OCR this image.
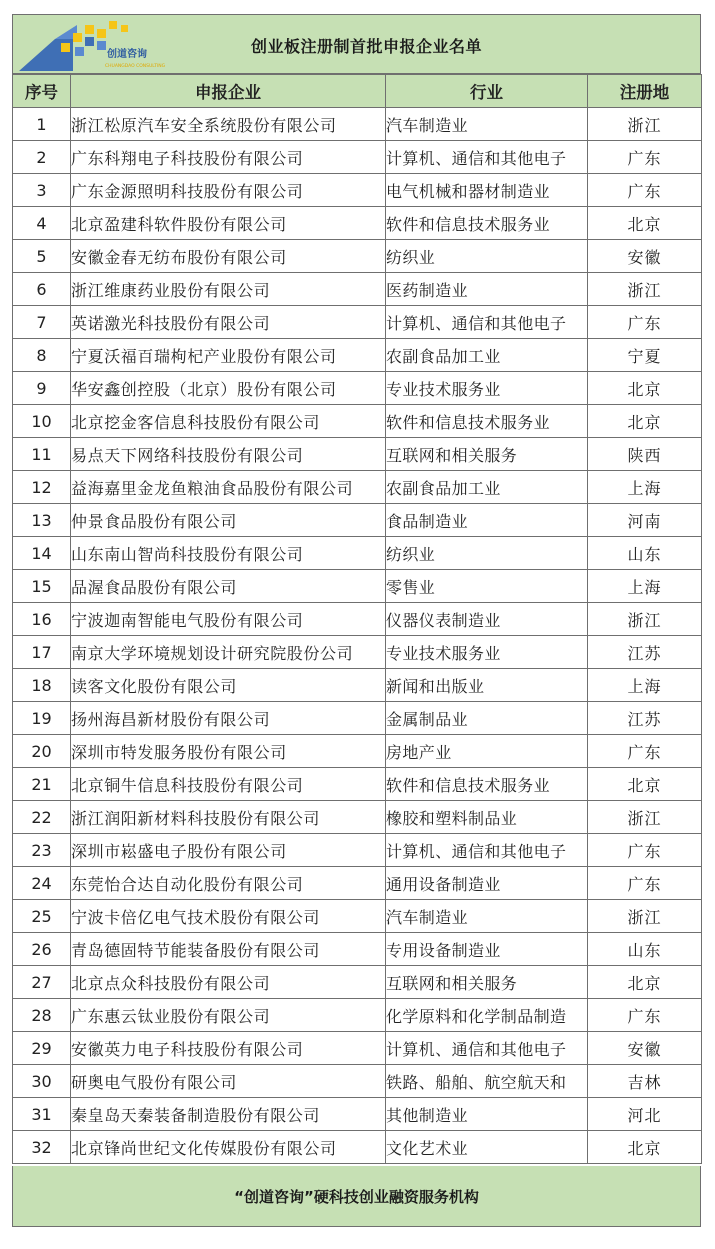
创道咨询
CHUANGDAO CONSULTING
创业板注册制首批申报企业名单
序号	申报企业	行业	注册地
1	浙江松原汽车安全系统股份有限公司	汽车制造业	浙江
2	广东科翔电子科技股份有限公司	计算机、通信和其他电子	广东
3	广东金源照明科技股份有限公司	电气机械和器材制造业	广东
4	北京盈建科软件股份有限公司	软件和信息技术服务业	北京
5	安徽金春无纺布股份有限公司	纺织业	安徽
6	浙江维康药业股份有限公司	医药制造业	浙江
7	英诺激光科技股份有限公司	计算机、通信和其他电子	广东
8	宁夏沃福百瑞枸杞产业股份有限公司	农副食品加工业	宁夏
9	华安鑫创控股（北京）股份有限公司	专业技术服务业	北京
10	北京挖金客信息科技股份有限公司	软件和信息技术服务业	北京
11	易点天下网络科技股份有限公司	互联网和相关服务	陕西
12	益海嘉里金龙鱼粮油食品股份有限公司	农副食品加工业	上海
13	仲景食品股份有限公司	食品制造业	河南
14	山东南山智尚科技股份有限公司	纺织业	山东
15	品渥食品股份有限公司	零售业	上海
16	宁波迦南智能电气股份有限公司	仪器仪表制造业	浙江
17	南京大学环境规划设计研究院股份公司	专业技术服务业	江苏
18	读客文化股份有限公司	新闻和出版业	上海
19	扬州海昌新材股份有限公司	金属制品业	江苏
20	深圳市特发服务股份有限公司	房地产业	广东
21	北京铜牛信息科技股份有限公司	软件和信息技术服务业	北京
22	浙江润阳新材料科技股份有限公司	橡胶和塑料制品业	浙江
23	深圳市崧盛电子股份有限公司	计算机、通信和其他电子	广东
24	东莞怡合达自动化股份有限公司	通用设备制造业	广东
25	宁波卡倍亿电气技术股份有限公司	汽车制造业	浙江
26	青岛德固特节能装备股份有限公司	专用设备制造业	山东
27	北京点众科技股份有限公司	互联网和相关服务	北京
28	广东惠云钛业股份有限公司	化学原料和化学制品制造	广东
29	安徽英力电子科技股份有限公司	计算机、通信和其他电子	安徽
30	研奥电气股份有限公司	铁路、船舶、航空航天和	吉林
31	秦皇岛天秦装备制造股份有限公司	其他制造业	河北
32	北京锋尚世纪文化传媒股份有限公司	文化艺术业	北京
“创道咨询”硬科技创业融资服务机构
